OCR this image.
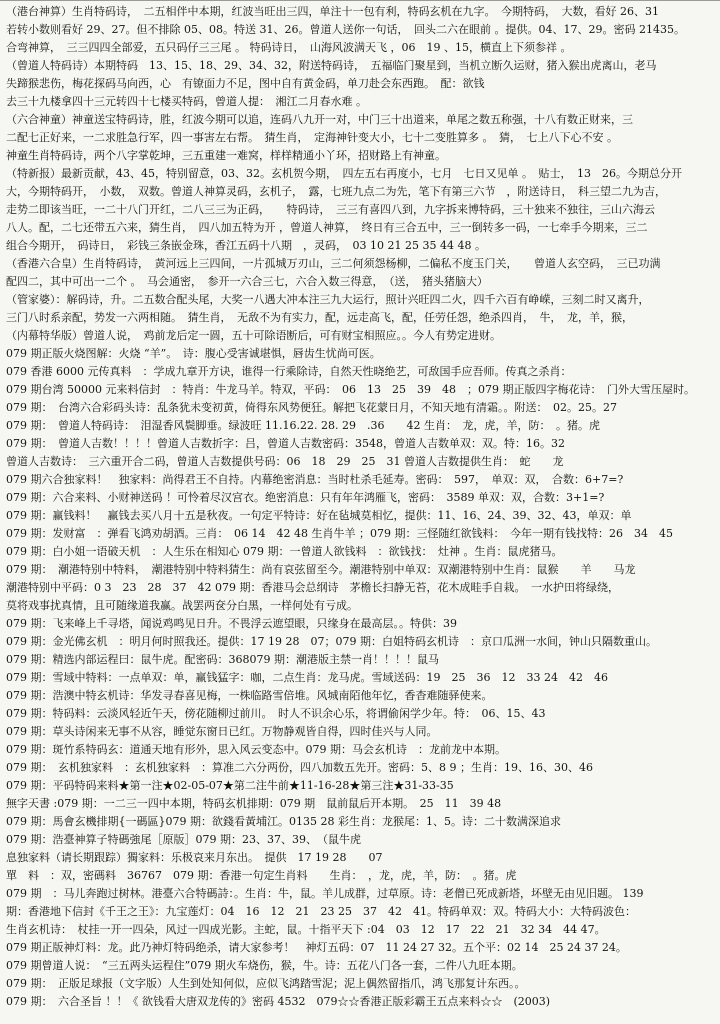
（港台神算）生肖特码诗，　二五相伴中本期，红波当旺出三四，单注十一包有利，特码玄机在九字。　今期特码，　大数，看好 26、31
若转小数则看好 29、27。但不排除 05、08。特送 31、26。曾道人送你一句话，　回头二六在眼前 。提供。04、17、29。密码 21435。
合弯神算，　三三四四全部爱，五只码仔三三尾 。 特码诗日，　山海风波满天飞 ，06　19 、15，横直上下须参祥 。
（曾道人特码诗）本期特码　13、15、18、29、34、32，附送特码诗，　五福临门聚星到，当机立断久运财，猪入猴出虎离山，老马
失蹄猴悲伤，梅花探码马向西，心　有镣面力不足，图中自有黄金码，单刀赴会东西跑。　配：欲钱
去三十九楼拿四十三元转四十七楼买特码，曾道人提：　湘江二月春水难 。
（六合神童）神童送宝特码诗，胜，红波今期可以追，连码八九开一对，中门三十出道来，单尾之数五称强，十八有数正财来，三
二配七正好来，一二求胜急行军，四一事害左右帮。　猜生肖，　定海神针变大小，七十二变胜算多 。　猜，　七上八下心不安 。
神童生肖特码诗，两个八字掌乾坤，三五重建一难窝，样样精通小丫环，招财路上有神童。
（特新报）最新贡献，43、45，特别留意，03、32。玄机贺今期，　四左五右再度小，七月　七日又见单 。　贴士，　13　26。今期总分开
大，今期特码开，　小数，　双数。曾道人神算灵码，玄机子，　露，七班九点二为先，笔下有第三六节　，附送诗日，　科三望二九为吉，
走势二即该当旺，一二十八门开红，二八三三为正码，　　特码诗，　三三有喜四八到，九字拆来博特码，三十独来不独往，三山六海云
八人。配，二七还带五六来，猜生肖，　四八加五特为开 ，曾道人神算，　终日有三合五中，三一倒转多一码，一七牵手今期来，三二
组合今期开，　码诗日，　彩钱三条嵌金珠，香江五码十八期　，灵码，　03 10 21 25 35 44 48 。
（香港六合皇）生肖特码诗，　黄河远上三四间，一片孤城万刃山，三二何须怨杨柳，二偏私不度玉门关，　　曾道人玄空码，　三已功满
配四二，其中可出一二个 。　马会通密，　参开一六合三七，六合入数三得意，　（送，　猪头猪脑大）
（管家婆）：解码诗，升。二五数合配头尾，大奖一八遇大冲本注三九大运行，照计兴旺四二火，四千六百有峥嵘，三刻二时又离升，
三门八时系亲配，势发一六两相随。　猜生肖，　无敌不为有实力，配，远走高飞，配，任劳任怨，绝杀四肖，　牛，　龙，羊，猴，
（内幕特华版）曾道人说，　鸡前龙后定一圆，五十可除语断后，可有财宝相照应。。今人有势定进财。
079 期正版火烧图解：火烧 “羊”。　诗：腹心受害诚堪惧，唇齿生忧尚可医。
079 香港 6000 元传真料　：学成九章开方诀，谁得一行乘除诗，自然天性晓绝艺，可敌国手应吾师。传真之杀肖：
079 期台湾 50000 元来料信封　：特肖：牛龙马羊。特双，平码：　06　13　25　39　48　；079 期正版四字梅花诗：　门外大雪压屋时。
079 期：　台湾六合彩码头诗：乱条犹未变初黄，倚得东风势便狂。解把飞花蒙日月，不知天地有清霜。。附送：　02。25。27
079 期：　曾道人特码诗：　泪湿香风鬓脚垂。绿波旺 11.16.22. 28. 29　.36　　42 生肖：　龙，虎，羊，防：　。猪。虎
079 期：　曾道人吉数！！！！曾道人吉数折字：吕，曾道人吉数密码：3548，曾道人吉数单双：双。特：16。32
曾道人吉数诗：　三六重开合二码，曾道人吉数提供号码：06　18　29　25　31 曾道人吉数提供生肖：　蛇　　龙
079 期六合独家料！　独家料：尚得君王不自持。内幕绝密消息：当时杜杀毛延寿。密码：　597，　单双：双，　合数：6+7=?
079 期：六合来料、小财神送码 ！可怜着尽汉宫衣。绝密消息：只有年年鸿雁飞，密码：　3589 单双：双，合数：3+1=?
079 期：赢钱料！　赢钱去买八月十五是秋夜。一句定平特诗：好在毡城莫相忆，提供：11、16、24、39、32、43，单双：单
079 期：发财富　：弹看飞鸿劝胡酒。三肖：　06 14　42 48 生肖牛羊 ；079 期：三怪随红欲钱料：　今年一期有钱找特：26　34　45
079 期：白小姐一语破天机　：人生乐在相知心 079 期：一曾道人欲钱料　：欲钱找：　灶神 。生肖：鼠虎猪马。
079 期：　潮港特别中特料，　潮港特别中特料猜生：尚有哀弦留至今。潮港特别中单双：双潮港特别中生肖：鼠猴　　羊　　马龙
潮港特别中平码：0 3　23　28　37　42 079 期：香港马会总纲诗　茅檐长扫静无苔，花木成畦手自栽。　一水护田将绿绕，
莫将戏事扰真情，且可随缘道我赢。战罢两奁分白黑，一样何处有亏成。
079 期：飞来峰上千寻塔，闻说鸡鸣见日升。不畏浮云遮望眼，只缘身在最高层。。特供：39
079 期：金光佛玄机　：明月何时照我还。提供：17 19 28　07；079 期：白姐特码玄机诗　：京口瓜洲一水间，钟山只隔数重山。
079 期：精选内部运程曰：鼠牛虎。配密码：368079 期：潮港版主禁一肖！！！！鼠马
079 期：雪域中特料：一点单双：单，赢钱猛字：咖，二点生肖：龙马虎。雪域送码：19　25　36　12　33 24　42　46
079 期：浩澳中特玄机诗：华发寻春喜见梅，一株临路雪倍堆。风城南陌他年忆，香杳难随驿使来。
079 期：特码料：云淡风轻近午天，傍花随柳过前川。　时人不识余心乐，将谓偷闲学少年。特：　06、15、43
079 期：草头诗闲来无事不从容，睡觉东窗日已红。万物静观皆自得，四时佳兴与人同。
079 期：斑竹系特码玄：道通天地有形外，思入风云变态中。079 期：马会玄机诗　：龙前龙中本期。
079 期：　玄机独家料　：玄机独家料　：算准二六分两份，四八加数五先开。密码：5、8 9 ；生肖：19、16、30、46
079 期：平码特码来料★第一注★02-05-07★第二注牛前★11-16-28★第三注★31-33-35
無字天書 :079 期：一二三一四中本期，特码玄机排期：079 期　鼠前鼠后开本期。　25　11　39 48
079 期：馬會玄機排期{一碼區}079 期：欲錢看黃埔江。0135 28 彩生肖：龙猴尾：1、5。诗：二十数满深追求
079 期：浩臺神算子特碼強尾［原版］079 期：23、37、39、　（鼠牛虎
息独家料（请长期跟踪）獨家料：乐极哀来月东出。　提供　17 19 28　　07
單　料　：双，密碼料　36767　079 期：香港一句定生肖料　　生肖：　，龙，虎，羊，防：　。猪。虎
079 期　：马儿奔跑过树林。港臺六合特碼詩：。生肖：牛，鼠。羊儿成群，过草原。诗：老僧已死成新塔，坏壁无由见旧题。 139
期：香港地下信封《千王之王》：九宝莲灯：04　16　12　21　23 25　37　42　41。特码单双：双。特码大小：大特码波色：
生肖玄机诗：　杖挂一开一四朵，风过一四成光影。主蛇，鼠。十指平天下 :04　03　12　17　22　21　32 34　44 47。
079 期正版神灯料：龙。此乃神灯特码绝杀，请大家参考！　神灯五码：07　11 24 27 32。五个平：02 14　25 24 37 24。
079 期曾道人说：　“三五两头运程住”079 期火车烧伤，猴，牛。诗：五花八门各一套，二件八九旺本期。
079 期：　正版足球报（文字版）人生到处知何似，应似飞鸿踏雪泥；泥上偶然留指爪，鸿飞那复计东西。。
079 期：　六合圣旨 ！！《 欲钱看大唐双龙传的》密码 4532　079☆☆香港正版彩霸王五点来料☆☆　(2003)
